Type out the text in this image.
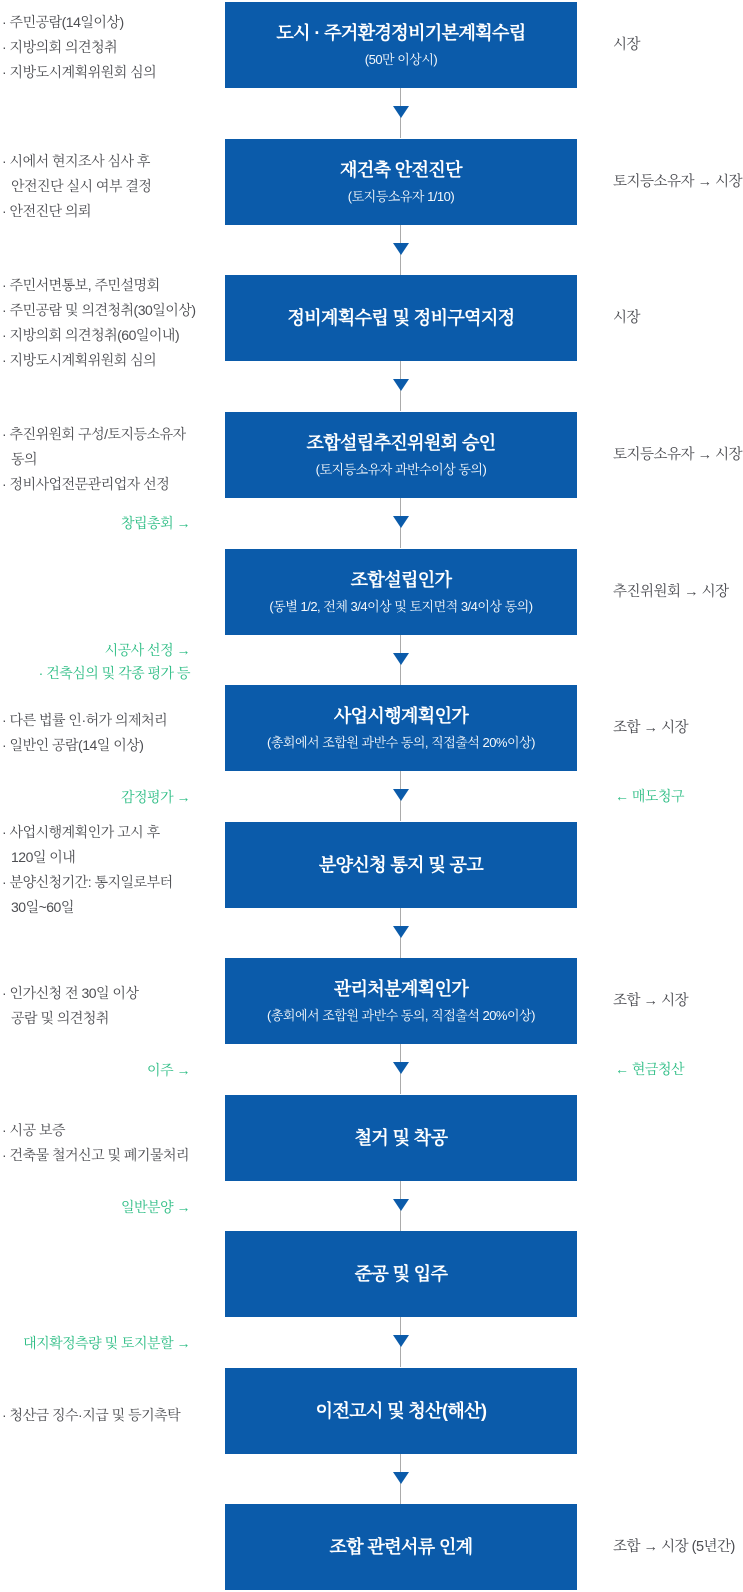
도시 · 주거환경정비기본계획수립
(50만 이상시)
재건축 안전진단
(토지등소유자 1/10)
정비계획수립 및 정비구역지정
조합설립추진위원회 승인
(토지등소유자 과반수이상 동의)
조합설립인가
(동별 1/2, 전체 3/4이상 및 토지면적 3/4이상 동의)
사업시행계획인가
(총회에서 조합원 과반수 동의, 직접출석 20%이상)
분양신청 통지 및 공고
관리처분계획인가
(총회에서 조합원 과반수 동의, 직접출석 20%이상)
철거 및 착공
준공 및 입주
이전고시 및 청산(해산)
조합 관련서류 인계
· 주민공람(14일이상)
· 지방의회 의견청취
· 지방도시계획위원회 심의
· 시에서 현지조사 심사 후
안전진단 실시 여부 결정
· 안전진단 의뢰
· 주민서면통보, 주민설명회
· 주민공람 및 의견청취(30일이상)
· 지방의회 의견청취(60일이내)
· 지방도시계획위원회 심의
· 추진위원회 구성/토지등소유자
동의
· 정비사업전문관리업자 선정
· 다른 법률 인·허가 의제처리
· 일반인 공람(14일 이상)
· 사업시행계획인가 고시 후
120일 이내
· 분양신청기간: 통지일로부터
30일~60일
· 인가신청 전 30일 이상
공람 및 의견청취
· 시공 보증
· 건축물 철거신고 및 폐기물처리
· 청산금 징수·지급 및 등기촉탁
시장
토지등소유자 → 시장
시장
토지등소유자 → 시장
추진위원회 → 시장
조합 → 시장
조합 → 시장
조합 → 시장 (5년간)
창립총회 →
시공사 선정 →
· 건축심의 및 각종 평가 등
감정평가 →
이주 →
일반분양 →
대지확정측량 및 토지분할 →
← 매도청구
← 현금청산
